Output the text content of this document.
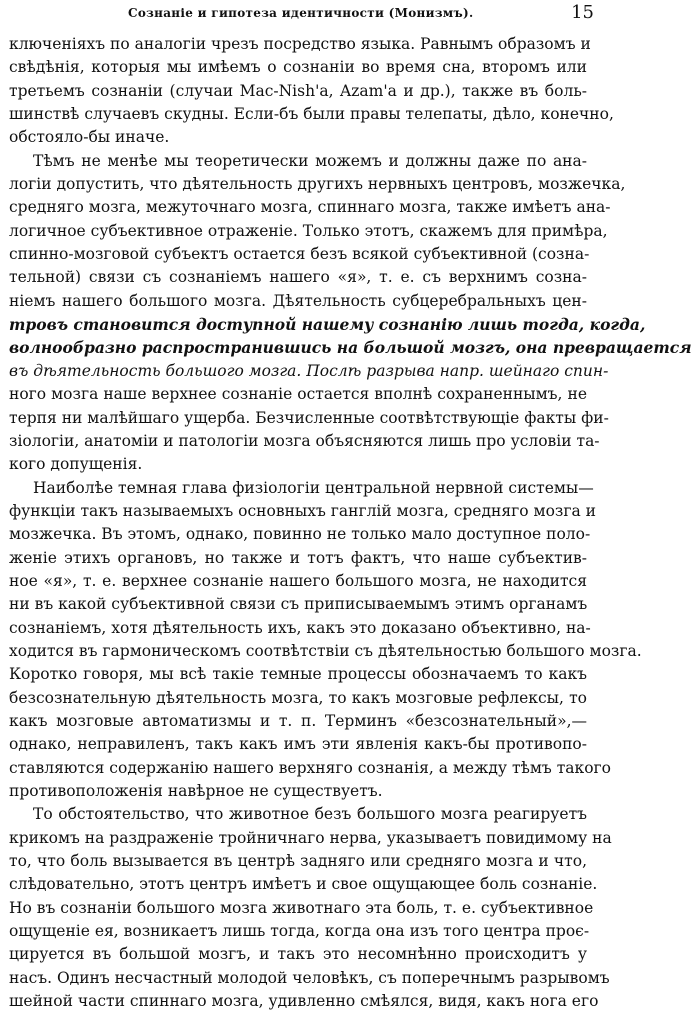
Сознаніе и гипотеза идентичности (Монизмъ).	15
ключеніяхъ по аналогіи чрезъ посредство языка. Равнымъ образомъ и
свѣдѣнія, которыя мы имѣемъ о сознаніи во время сна, второмъ или
третьемъ сознаніи (случаи Mac-Nish'a, Azam'a и др.), также въ боль-
шинствѣ случаевъ скудны. Если-бъ были правы телепаты, дѣло, конечно,
обстояло-бы иначе.
Тѣмъ не менѣе мы теоретически можемъ и должны даже по ана-
логіи допустить, что дѣятельность другихъ нервныхъ центровъ, мозжечка,
средняго мозга, межуточнаго мозга, спиннаго мозга, также имѣетъ ана-
логичное субъективное отраженіе. Только этотъ, скажемъ для примѣра,
спинно-мозговой субъектъ остается безъ всякой субъективной (созна-
тельной) связи съ сознаніемъ нашего «я», т. е. съ верхнимъ созна-
ніемъ нашего большого мозга. Дѣятельность субцеребральныхъ цен-
тровъ становится доступной нашему сознанію лишь тогда, когда,
волнообразно распространившись на большой мозгъ, она превращается
въ дѣятельность большого мозга. Послѣ разрыва напр. шейнаго спин-
ного мозга наше верхнее сознаніе остается вполнѣ сохраненнымъ, не
терпя ни малѣйшаго ущерба. Безчисленные соотвѣтствующіе факты фи-
зіологіи, анатоміи и патологіи мозга объясняются лишь про условіи та-
кого допущенія.
Наиболѣе темная глава физіологіи центральной нервной системы—
функціи такъ называемыхъ основныхъ ганглій мозга, средняго мозга и
мозжечка. Въ этомъ, однако, повинно не только мало доступное поло-
женіе этихъ органовъ, но также и тотъ фактъ, что наше субъектив-
ное «я», т. е. верхнее сознаніе нашего большого мозга, не находится
ни въ какой субъективной связи съ приписываемымъ этимъ органамъ
сознаніемъ, хотя дѣятельность ихъ, какъ это доказано объективно, на-
ходится въ гармоническомъ соотвѣтствіи съ дѣятельностью большого мозга.
Коротко говоря, мы всѣ такіе темные процессы обозначаемъ то какъ
безсознательную дѣятельность мозга, то какъ мозговые рефлексы, то
какъ мозговые автоматизмы и т. п. Терминъ «безсознательный»,—
однако, неправиленъ, такъ какъ имъ эти явленія какъ-бы противопо-
ставляются содержанію нашего верхняго сознанія, а между тѣмъ такого
противоположенія навѣрное не существуетъ.
То обстоятельство, что животное безъ большого мозга реагируетъ
крикомъ на раздраженіе тройничнаго нерва, указываетъ повидимому на
то, что боль вызывается въ центрѣ задняго или средняго мозга и что,
слѣдовательно, этотъ центръ имѣетъ и свое ощущающее боль сознаніе.
Но въ сознаніи большого мозга животнаго эта боль, т. е. субъективное
ощущеніе ея, возникаетъ лишь тогда, когда она изъ того центра проє-
цируется въ большой мозгъ, и такъ это несомнѣнно происходитъ у
насъ. Одинъ несчастный молодой человѣкъ, съ поперечнымъ разрывомъ
шейной части спиннаго мозга, удивленно смѣялся, видя, какъ нога его
